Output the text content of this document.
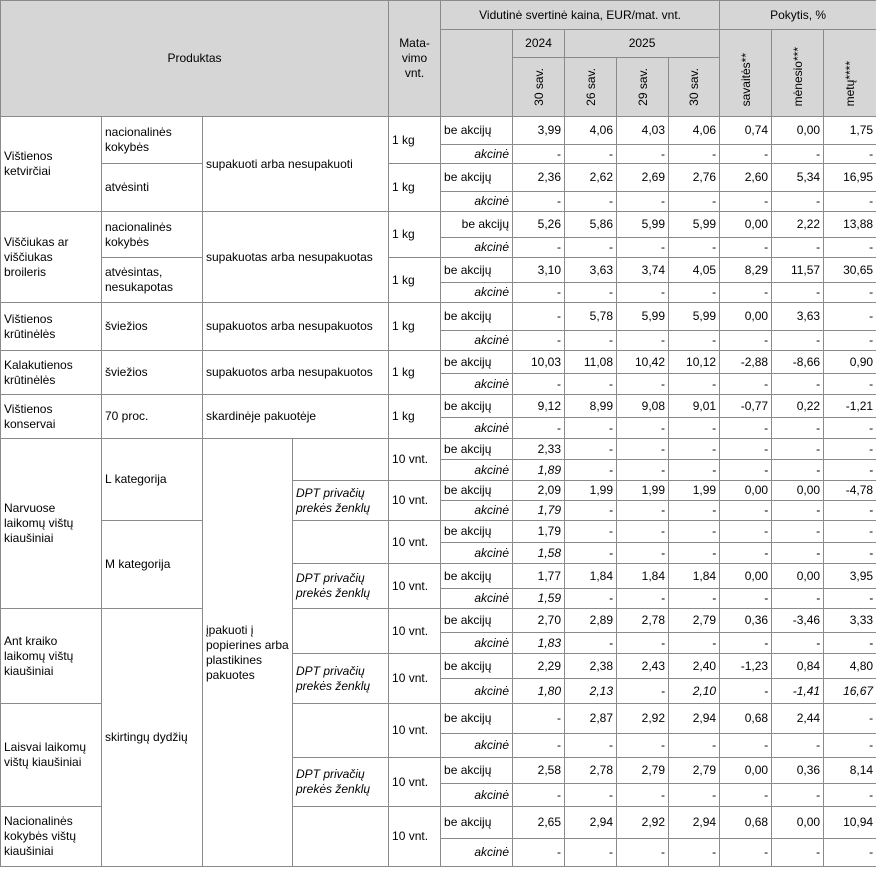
Produktas				Mata-vimo vnt.	Vidutinė svertinė kaina, EUR/mat. vnt.					Pokytis, %		
						2024	2025			savaitės**	mėnesio***	metų****
						30 sav.	26 sav.	29 sav.	30 sav.			
Vištienos ketvirčiai	nacionalinės kokybės	supakuoti arba nesupakuoti		1 kg	be akcijų	3,99	4,06	4,03	4,06	0,74	0,00	1,75
					akcinė	-	-	-	-	-	-	-
	atvėsinti			1 kg	be akcijų	2,36	2,62	2,69	2,76	2,60	5,34	16,95
					akcinė	-	-	-	-	-	-	-
Viščiukas ar viščiukas broileris	nacionalinės kokybės	supakuotas arba nesupakuotas		1 kg	be akcijų	5,26	5,86	5,99	5,99	0,00	2,22	13,88
					akcinė	-	-	-	-	-	-	-
	atvėsintas, nesukapotas			1 kg	be akcijų	3,10	3,63	3,74	4,05	8,29	11,57	30,65
					akcinė	-	-	-	-	-	-	-
Vištienos krūtinėlės	šviežios	supakuotos arba nesupakuotos		1 kg	be akcijų	-	5,78	5,99	5,99	0,00	3,63	-
					akcinė	-	-	-	-	-	-	-
Kalakutienos krūtinėlės	šviežios	supakuotos arba nesupakuotos		1 kg	be akcijų	10,03	11,08	10,42	10,12	-2,88	-8,66	0,90
					akcinė	-	-	-	-	-	-	-
Vištienos konservai	70 proc.	skardinėje pakuotėje		1 kg	be akcijų	9,12	8,99	9,08	9,01	-0,77	0,22	-1,21
					akcinė	-	-	-	-	-	-	-
Narvuose laikomų vištų kiaušiniai	L kategorija	įpakuoti į popierines arba plastikines pakuotes		10 vnt.	be akcijų	2,33	-	-	-	-	-	-
					akcinė	1,89	-	-	-	-	-	-
			DPT privačių prekės ženklų	10 vnt.	be akcijų	2,09	1,99	1,99	1,99	0,00	0,00	-4,78
					akcinė	1,79	-	-	-	-	-	-
	M kategorija			10 vnt.	be akcijų	1,79	-	-	-	-	-	-
					akcinė	1,58	-	-	-	-	-	-
			DPT privačių prekės ženklų	10 vnt.	be akcijų	1,77	1,84	1,84	1,84	0,00	0,00	3,95
					akcinė	1,59	-	-	-	-	-	-
Ant kraiko laikomų vištų kiaušiniai	skirtingų dydžių			10 vnt.	be akcijų	2,70	2,89	2,78	2,79	0,36	-3,46	3,33
					akcinė	1,83	-	-	-	-	-	-
			DPT privačių prekės ženklų	10 vnt.	be akcijų	2,29	2,38	2,43	2,40	-1,23	0,84	4,80
					akcinė	1,80	2,13	-	2,10	-	-1,41	16,67
Laisvai laikomų vištų kiaušiniai				10 vnt.	be akcijų	-	2,87	2,92	2,94	0,68	2,44	-
					akcinė	-	-	-	-	-	-	-
			DPT privačių prekės ženklų	10 vnt.	be akcijų	2,58	2,78	2,79	2,79	0,00	0,36	8,14
					akcinė	-	-	-	-	-	-	-
Nacionalinės kokybės vištų kiaušiniai				10 vnt.	be akcijų	2,65	2,94	2,92	2,94	0,68	0,00	10,94
					akcinė	-	-	-	-	-	-	-
